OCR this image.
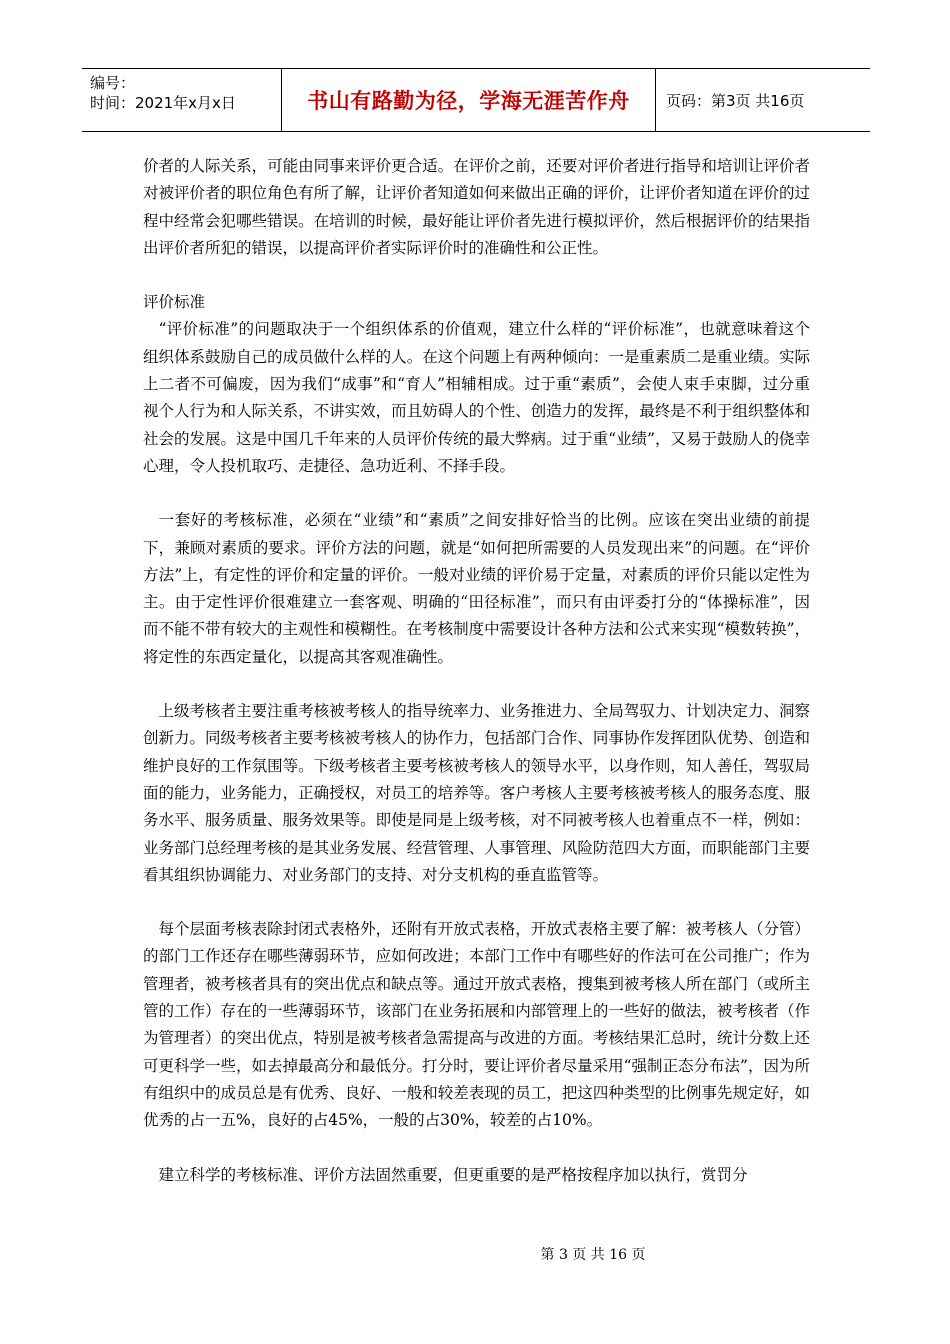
编号：
时间：2021年x月x日	书山有路勤为径，学海无涯苦作舟	页码：第3页 共16页

价者的人际关系，可能由同事来评价更合适。在评价之前，还要对评价者进行指导和培训让评价者对被评价者的职位角色有所了解，让评价者知道如何来做出正确的评价，让评价者知道在评价的过程中经常会犯哪些错误。在培训的时候，最好能让评价者先进行模拟评价，然后根据评价的结果指出评价者所犯的错误，以提高评价者实际评价时的准确性和公正性。

评价标准

“评价标准”的问题取决于一个组织体系的价值观，建立什么样的“评价标准”，也就意味着这个组织体系鼓励自己的成员做什么样的人。在这个问题上有两种倾向：一是重素质二是重业绩。实际上二者不可偏废，因为我们“成事”和“育人”相辅相成。过于重“素质”，会使人束手束脚，过分重视个人行为和人际关系，不讲实效，而且妨碍人的个性、创造力的发挥，最终是不利于组织整体和社会的发展。这是中国几千年来的人员评价传统的最大弊病。过于重“业绩”，又易于鼓励人的侥幸心理，令人投机取巧、走捷径、急功近利、不择手段。

一套好的考核标准，必须在“业绩”和“素质”之间安排好恰当的比例。应该在突出业绩的前提下，兼顾对素质的要求。评价方法的问题，就是“如何把所需要的人员发现出来”的问题。在“评价方法”上，有定性的评价和定量的评价。一般对业绩的评价易于定量，对素质的评价只能以定性为主。由于定性评价很难建立一套客观、明确的“田径标准”，而只有由评委打分的“体操标准”，因而不能不带有较大的主观性和模糊性。在考核制度中需要设计各种方法和公式来实现“模数转换”，将定性的东西定量化，以提高其客观准确性。

上级考核者主要注重考核被考核人的指导统率力、业务推进力、全局驾驭力、计划决定力、洞察创新力。同级考核者主要考核被考核人的协作力，包括部门合作、同事协作发挥团队优势、创造和维护良好的工作氛围等。下级考核者主要考核被考核人的领导水平，以身作则，知人善任，驾驭局面的能力，业务能力，正确授权，对员工的培养等。客户考核人主要考核被考核人的服务态度、服务水平、服务质量、服务效果等。即使是同是上级考核，对不同被考核人也着重点不一样，例如：业务部门总经理考核的是其业务发展、经营管理、人事管理、风险防范四大方面，而职能部门主要看其组织协调能力、对业务部门的支持、对分支机构的垂直监管等。

每个层面考核表除封闭式表格外，还附有开放式表格，开放式表格主要了解：被考核人（分管）的部门工作还存在哪些薄弱环节，应如何改进；本部门工作中有哪些好的作法可在公司推广；作为管理者，被考核者具有的突出优点和缺点等。通过开放式表格，搜集到被考核人所在部门（或所主管的工作）存在的一些薄弱环节，该部门在业务拓展和内部管理上的一些好的做法，被考核者（作为管理者）的突出优点，特别是被考核者急需提高与改进的方面。考核结果汇总时，统计分数上还可更科学一些，如去掉最高分和最低分。打分时，要让评价者尽量采用“强制正态分布法”，因为所有组织中的成员总是有优秀、良好、一般和较差表现的员工，把这四种类型的比例事先规定好，如优秀的占一五%，良好的占45%，一般的占30%，较差的占10%。

建立科学的考核标准、评价方法固然重要，但更重要的是严格按程序加以执行，赏罚分

第 3 页 共 16 页
